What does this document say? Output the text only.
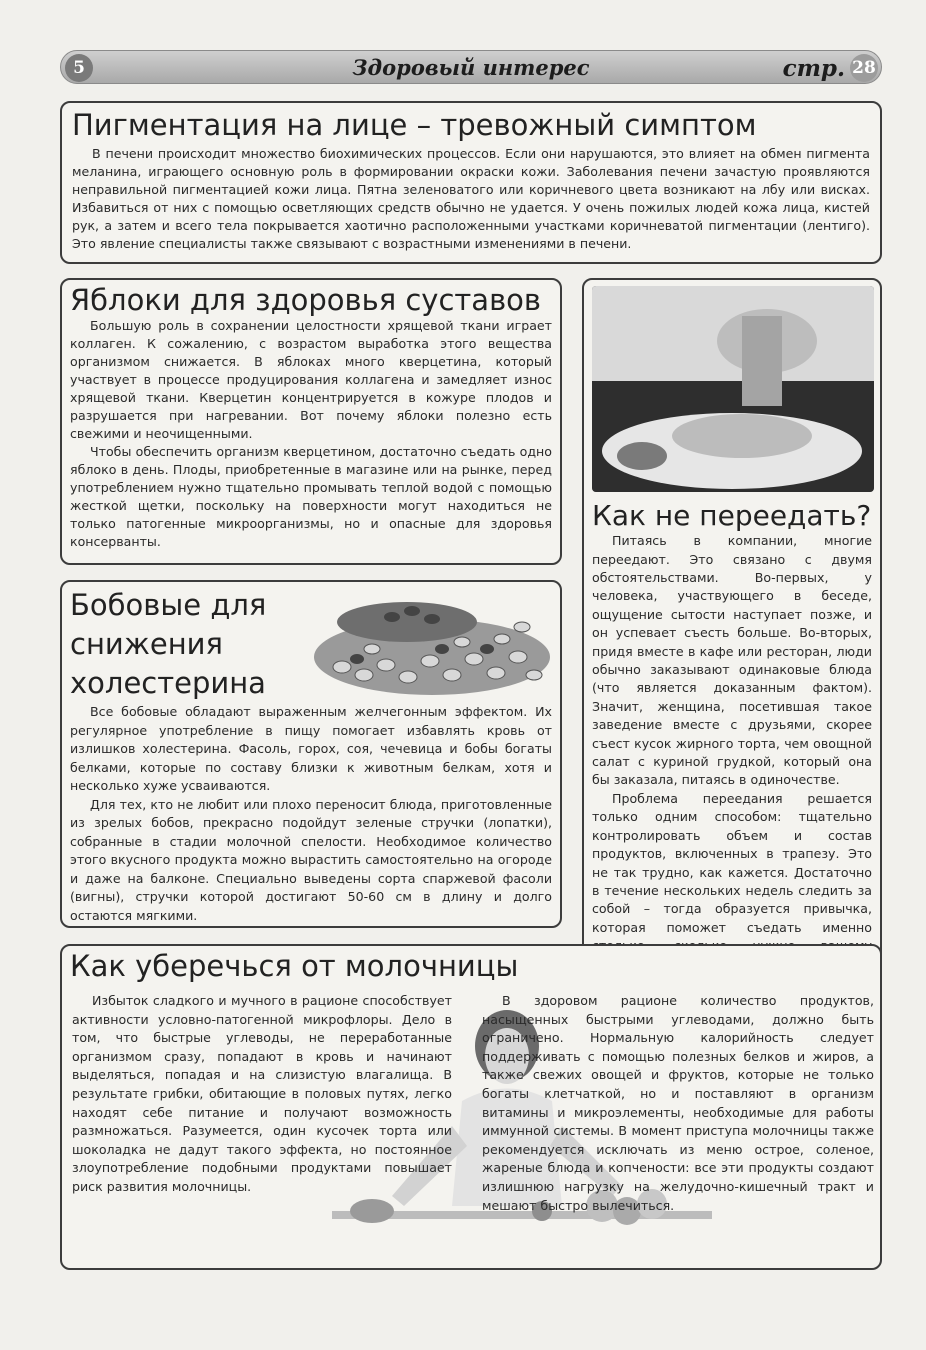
5	Здоровый интерес	стр. 28
Пигментация на лице – тревожный симптом

В печени происходит множество биохимических процессов. Если они нарушаются, это влияет на обмен пигмента меланина, играющего основную роль в формировании окраски кожи. Заболевания печени зачастую проявляются неправильной пигментацией кожи лица. Пятна зеленоватого или коричневого цвета возникают на лбу или висках. Избавиться от них с помощью осветляющих средств обычно не удается. У очень пожилых людей кожа лица, кистей рук, а затем и всего тела покрывается хаотично расположенными участками коричневатой пигментации (лентиго). Это явление специалисты также связывают с возрастными изменениями в печени.

Яблоки для здоровья суставов

Большую роль в сохранении целостности хрящевой ткани играет коллаген. К сожалению, с возрастом выработка этого вещества организмом снижается. В яблоках много кверцетина, который участвует в процессе продуцирования коллагена и замедляет износ хрящевой ткани. Кверцетин концентрируется в кожуре плодов и разрушается при нагревании. Вот почему яблоки полезно есть свежими и неочищенными.

Чтобы обеспечить организм кверцетином, достаточно съедать одно яблоко в день. Плоды, приобретенные в магазине или на рынке, перед употреблением нужно тщательно промывать теплой водой с помощью жесткой щетки, поскольку на поверхности могут находиться не только патогенные микроорганизмы, но и опасные для здоровья консерванты.

Бобовые для снижения холестерина

Все бобовые обладают выраженным желчегонным эффектом. Их регулярное употребление в пищу помогает избавлять кровь от излишков холестерина. Фасоль, горох, соя, чечевица и бобы богаты белками, которые по составу близки к животным белкам, хотя и несколько хуже усваиваются.

Для тех, кто не любит или плохо переносит блюда, приготовленные из зрелых бобов, прекрасно подойдут зеленые стручки (лопатки), собранные в стадии молочной спелости. Необходимое количество этого вкусного продукта можно вырастить самостоятельно на огороде и даже на балконе. Специально выведены сорта спаржевой фасоли (вигны), стручки которой достигают 50-60 см в длину и долго остаются мягкими.

Как не переедать?

Питаясь в компании, многие переедают. Это связано с двумя обстоятельствами. Во-первых, у человека, участвующего в беседе, ощущение сытости наступает позже, и он успевает съесть больше. Во-вторых, придя вместе в кафе или ресторан, люди обычно заказывают одинаковые блюда (что является доказанным фактом). Значит, женщина, посетившая такое заведение вместе с друзьями, скорее съест кусок жирного торта, чем овощной салат с куриной грудкой, который она бы заказала, питаясь в одиночестве.

Проблема переедания решается только одним способом: тщательно контролировать объем и состав продуктов, включенных в трапезу. Это не так трудно, как кажется. Достаточно в течение нескольких недель следить за собой – тогда образуется привычка, которая поможет съедать именно

Как уберечься от молочницы

Избыток сладкого и мучного в рационе способствует активности условно-патогенной микрофлоры. Дело в том, что быстрые углеводы, не переработанные организмом сразу, попадают в кровь и начинают выделяться, попадая и на слизистую влагалища. В результате грибки, обитающие в половых путях, легко находят себе питание и получают возможность размножаться. Разумеется, один кусочек торта или шоколадка не дадут такого эффекта, но постоянное злоупотребление подобными продуктами повышает риск развития молочницы.

В здоровом рационе количество продуктов, насыщенных быстрыми углеводами, должно быть ограничено. Нормальную калорийность следует поддерживать с помощью полезных белков и жиров, а также свежих овощей и фруктов, которые не только богаты клетчаткой, но и поставляют в организм витамины и микроэлементы, необходимые для работы иммунной системы. В момент приступа молочницы также рекомендуется исключать из меню острое, соленое, жареные блюда и копчености: все эти продукты создают излишнюю нагрузку на желудочно-кишечный тракт и мешают быстро вылечиться.
